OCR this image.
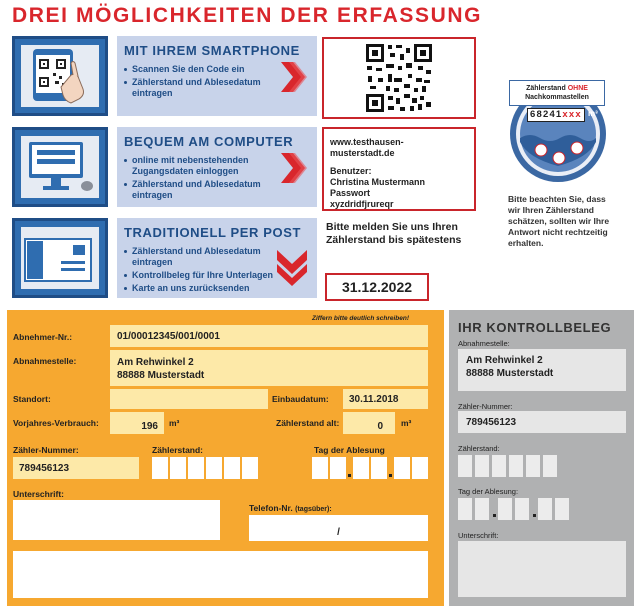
DREI MÖGLICHKEITEN DER ERFASSUNG
MIT IHREM SMARTPHONE
Scannen Sie den Code ein
Zählerstand und Ablesedatum eintragen
BEQUEM AM COMPUTER
online mit nebenstehenden Zugangsdaten einloggen
Zählerstand und Ablesedatum eintragen
www.testhausen-musterstadt.de
Benutzer:
Christina Mustermann
Passwort
xyzdridfjrureqr
TRADITIONELL PER POST
Zählerstand und Ablesedatum eintragen
Kontrollbeleg für Ihre Unterlagen
Karte an uns zurücksenden
Bitte melden Sie uns Ihren Zählerstand bis spätestens
31.12.2022
Zählerstand OHNE
Nachkommastellen
68241xxx m³
Bitte beachten Sie, dass wir Ihren Zählerstand schätzen, sollten wir Ihre Antwort nicht rechtzeitig erhalten.
Ziffern bitte deutlich schreiben!
Abnehmer-Nr.:	01/00012345/001/0001
Abnahmestelle:	Am Rehwinkel 2
88888 Musterstadt
Standort:	Einbaudatum: 30.11.2018
Vorjahres-Verbrauch:	$_{196}$	m³	Zählerstand alt:	$_0$	m³
Zähler-Nummer:
789456123
Zählerstand:	Tag der Ablesung
Unterschrift:
Telefon-Nr. (tagsüber):
$_/$
IHR KONTROLLBELEG
Abnahmestelle:
Am Rehwinkel 2
88888 Musterstadt
Zähler-Nummer:
789456123
Zählerstand:
Tag der Ablesung:
Unterschrift:
